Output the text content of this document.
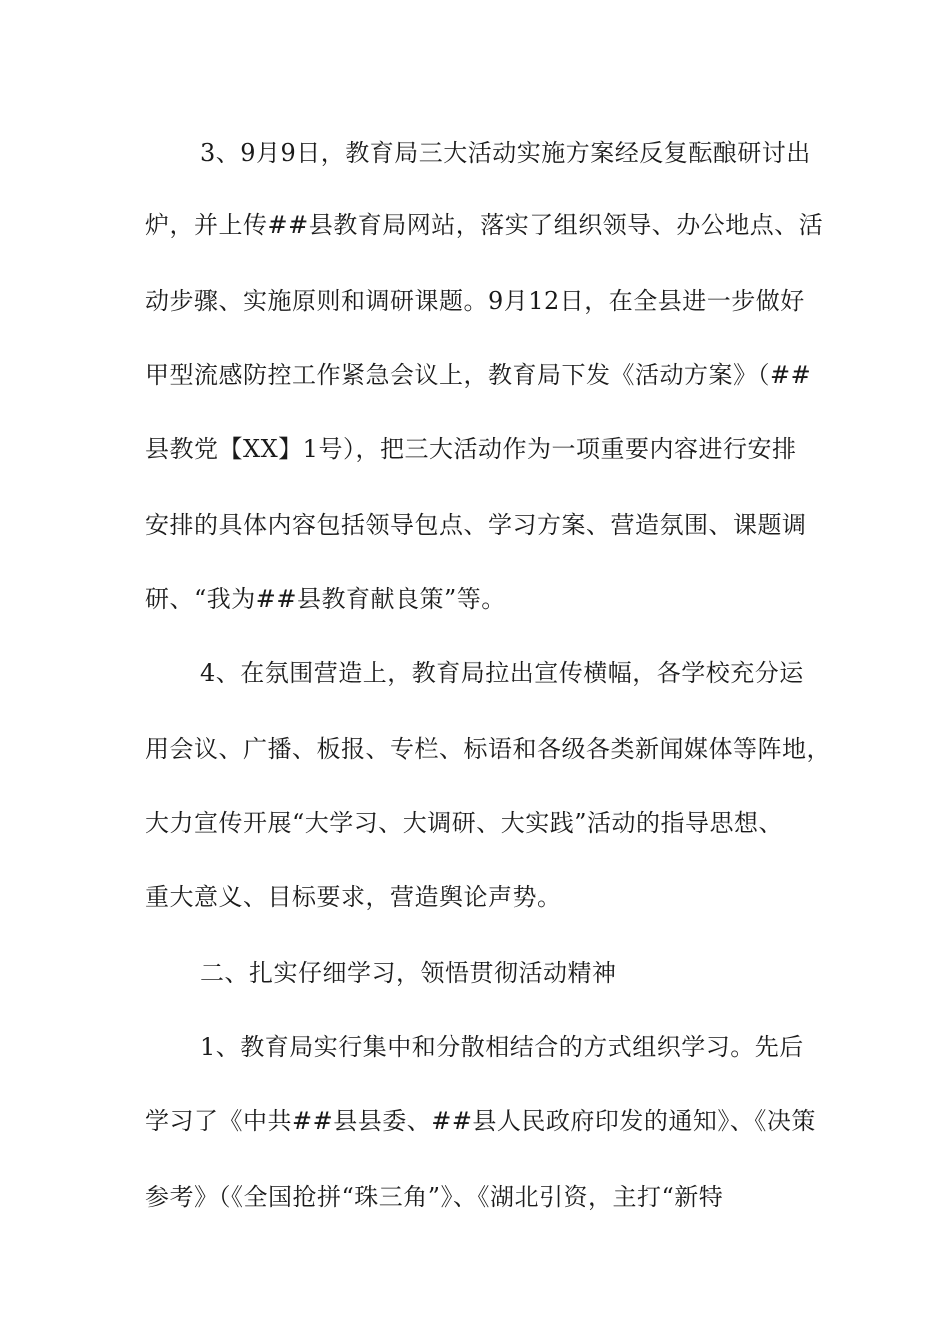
3、9月9日，教育局三大活动实施方案经反复酝酿研讨出
炉，并上传##县教育局网站，落实了组织领导、办公地点、活
动步骤、实施原则和调研课题。9月12日，在全县进一步做好
甲型流感防控工作紧急会议上，教育局下发《活动方案》（##
县教党【XX】1号），把三大活动作为一项重要内容进行安排
安排的具体内容包括领导包点、学习方案、营造氛围、课题调
研、“我为##县教育献良策”等。
4、在氛围营造上，教育局拉出宣传横幅，各学校充分运
用会议、广播、板报、专栏、标语和各级各类新闻媒体等阵地，
大力宣传开展“大学习、大调研、大实践”活动的指导思想、
重大意义、目标要求，营造舆论声势。
二、扎实仔细学习，领悟贯彻活动精神
1、教育局实行集中和分散相结合的方式组织学习。先后
学习了《中共##县县委、##县人民政府印发的通知》、《决策
参考》（《全国抢拼“珠三角”》、《湖北引资，主打“新特
